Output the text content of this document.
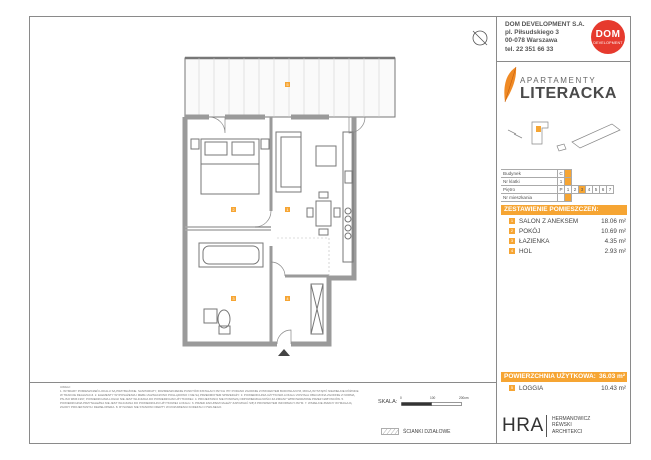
5
2	1
3	4
DOM DEVELOPMENT S.A.
pl. Piłsudskiego 3
00-078 Warszawa
tel. 22 351 66 33
DOM
DEVELOPMENT
APARTAMENTY
LITERACKA
Budynek	C							
Nr klatki	1							
Piętro	P	1	2	3	4	5	6	7
Nr mieszkania								
ZESTAWIENIE POMIESZCZEŃ:
1 SALON Z ANEKSEM	18.06 m²
2 POKÓJ	10.69 m²
3 ŁAZIENKA	4.35 m²
4 HOL	2.93 m²
POWIERZCHNIA UŻYTKOWA: 36.03 m²
5 LOGGIA	10.43 m²
UWAGI:
1. WYMIARY POMIESZCZEŃ LOKALU SĄ PRZYBLIŻONE. SANITARIATY, ROZMIESZCZENIE PUNKTÓW INSTALACYJNYCH ITP. PODANO ZGODNIE Z PROJEKTEM BUDOWLANYM, MOGĄ WYSTĄPIĆ NIEWIELKIE RÓŻNICE W TRAKCIE REALIZACJI. 2. ELEMENTY WYPOSAŻENIA I MEBLI ZAZNACZONO POGLĄDOWO I NIE SĄ PRZEDMIOTEM SPRZEDAŻY. 3. POWIERZCHNIA UŻYTKOWA LOKALU ZOSTAŁA OBLICZONA ZGODNIE Z NORMĄ PN-ISO 9836:1997, POWIERZCHNIA LOGGII NIE JEST WLICZANA DO POWIERZCHNI UŻYTKOWEJ. 4. PROJEKTANCI NIE PONOSZĄ ODPOWIEDZIALNOŚCI ZA ZMIANY WPROWADZONE PRZEZ NABYWCÓW. 5. POWIERZCHNIA PRZYNALEŻNA NIE JEST WLICZANA DO POWIERZCHNI UŻYTKOWEJ LOKALU. 6. PRZED ZAKUPEM NALEŻY ZAPOZNAĆ SIĘ Z PROSPEKTEM INFORMACYJNYM. 7. WSZELKIE ZMIANY WYMAGAJĄ ZGODY PROJEKTANTA I DEWELOPERA. 8. RYSUNEK NIE STANOWI OFERTY W ROZUMIENIU KODEKSU CYWILNEGO.
SKALA:
0	100	200cm
ŚCIANKI DZIAŁOWE	HRA HERMANOWICZ
RÉWSKI
ARCHITEKCI
